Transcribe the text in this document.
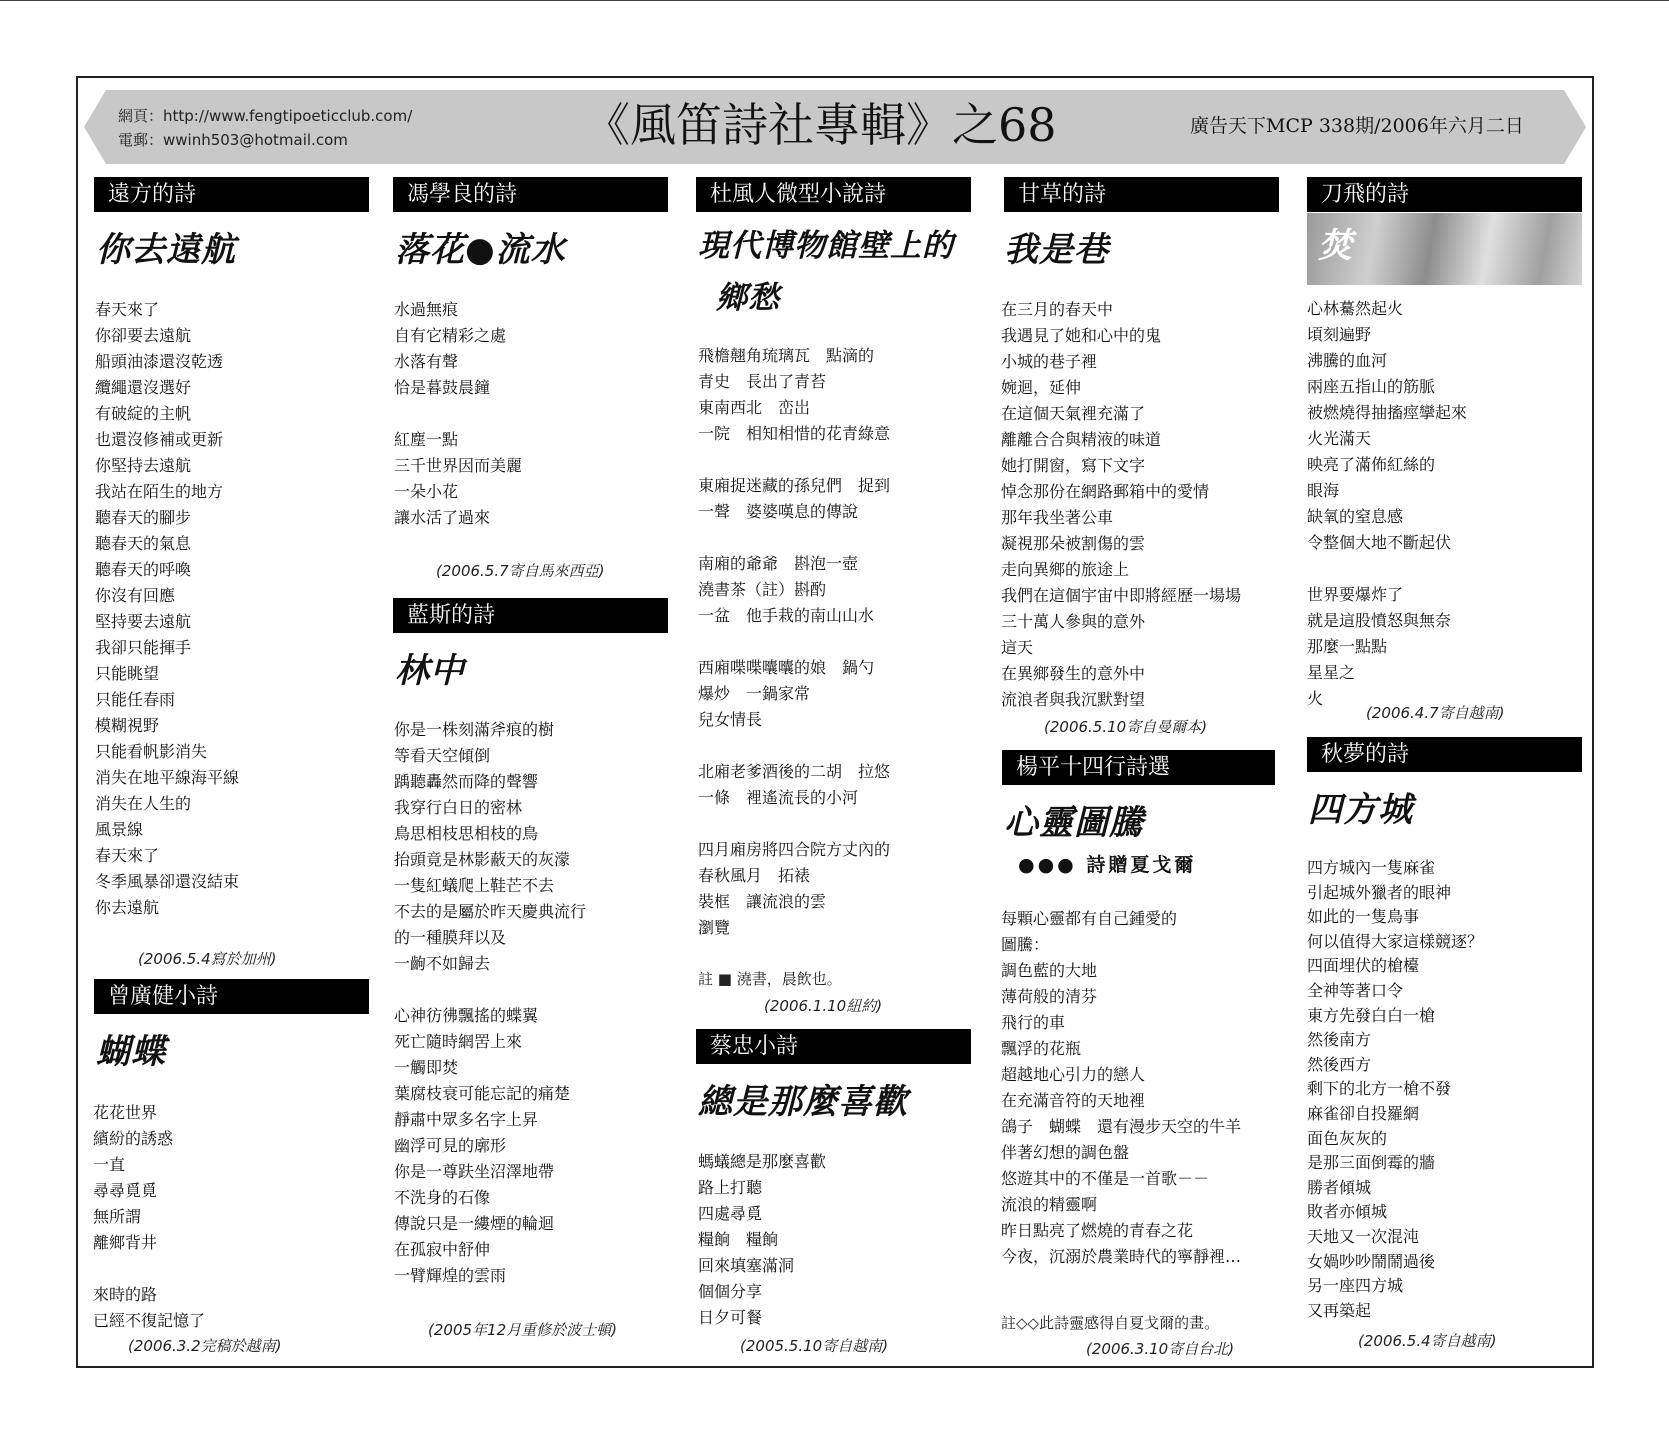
網頁：http://www.fengtipoeticclub.com/
電郵：wwinh503@hotmail.com	《風笛詩社專輯》之68	廣告天下MCP 338期/2006年六月二日
遠方的詩
你去遠航
春天來了
你卻要去遠航
船頭油漆還沒乾透
纜繩還沒選好
有破綻的主帆
也還沒修補或更新
你堅持去遠航
我站在陌生的地方
聽春天的腳步
聽春天的氣息
聽春天的呼喚
你沒有回應
堅持要去遠航
我卻只能揮手
只能眺望
只能任春雨
模糊視野
只能看帆影消失
消失在地平線海平線
消失在人生的
風景線
春天來了
冬季風暴卻還沒結束
你去遠航
(2006.5.4寫於加州)
曾廣健小詩
蝴蝶
花花世界
繽紛的誘惑
一直
尋尋覓覓
無所謂
離鄉背井
來時的路
已經不復記憶了
(2006.3.2完稿於越南)
馮學良的詩
落花●流水
水過無痕
自有它精彩之處
水落有聲
恰是暮鼓晨鐘
紅塵一點
三千世界因而美麗
一朵小花
讓水活了過來
(2006.5.7寄自馬來西亞)
藍斯的詩
林中
你是一株刻滿斧痕的樹
等看天空傾倒
踽聽轟然而降的聲響
我穿行白日的密林
鳥思相枝思相枝的鳥
抬頭竟是林影蔽天的灰濛
一隻紅蟻爬上鞋芒不去
不去的是屬於昨天慶典流行
的一種膜拜以及
一齣不如歸去
心神彷彿飄搖的蝶翼
死亡隨時網罟上來
一觸即焚
葉腐枝衰可能忘記的痛楚
靜肅中眾多名字上昇
幽浮可見的廓形
你是一尊趺坐沼澤地帶
不洗身的石像
傳說只是一縷煙的輪迴
在孤寂中舒伸
一臂輝煌的雲雨
(2005年12月重修於波士頓)
杜風人微型小說詩
現代博物館壁上的
鄉愁
飛檐翹角琉璃瓦　點滴的
青史　長出了青苔
東南西北　峦岀
一院　相知相惜的花青綠意
東廂捉迷藏的孫兒們　捉到
一聲　婆婆嘆息的傳說
南廂的爺爺　斟泡一壺
澆書茶（註）斟酌
一盆　他手栽的南山山水
西廂喋喋囔囔的娘　鍋勺
爆炒　一鍋家常
兒女情長
北廂老爹酒後的二胡　拉悠
一條　裡遙流長的小河
四月廂房將四合院方丈內的
春秋風月　拓裱
裝框　讓流浪的雲
瀏覽
註 ■ 澆書，晨飲也。
(2006.1.10紐約)
蔡忠小詩
總是那麼喜歡
螞蟻總是那麼喜歡
路上打聽
四處尋覓
糧餉　糧餉
回來填塞滿洞
個個分享
日夕可餐
(2005.5.10寄自越南)
甘草的詩
我是巷
在三月的春天中
我遇見了她和心中的鬼
小城的巷子裡
婉迴，延伸
在這個天氣裡充滿了
離離合合與精液的味道
她打開窗，寫下文字
悼念那份在網路郵箱中的愛情
那年我坐著公車
凝視那朵被割傷的雲
走向異鄉的旅途上
我們在這個宇宙中即將經歷一場場
三十萬人參與的意外
這天
在異鄉發生的意外中
流浪者與我沉默對望
(2006.5.10寄自曼爾本)
楊平十四行詩選
心靈圖騰
●●● 詩贈夏戈爾
每顆心靈都有自己鍾愛的
圖騰：
調色藍的大地
薄荷般的清芬
飛行的車
飄浮的花瓶
超越地心引力的戀人
在充滿音符的天地裡
鴿子　蝴蝶　還有漫步天空的牛羊
伴著幻想的調色盤
悠遊其中的不僅是一首歌－－
流浪的精靈啊
昨日點亮了燃燒的青春之花
今夜，沉溺於農業時代的寧靜裡…
註◇◇此詩靈感得自夏戈爾的畫。
(2006.3.10寄自台北)
刀飛的詩
焚
心林驀然起火
頃刻遍野
沸騰的血河
兩座五指山的筋脈
被燃燒得抽搐痙攣起來
火光滿天
映亮了滿佈紅絲的
眼海
缺氧的窒息感
令整個大地不斷起伏
世界要爆炸了
就是這股憤怒與無奈
那麼一點點
星星之
火
(2006.4.7寄自越南)
秋夢的詩
四方城
四方城內一隻麻雀
引起城外獵者的眼神
如此的一隻鳥事
何以值得大家這樣競逐？
四面埋伏的槍檯
全神等著口令
東方先發白白一槍
然後南方
然後西方
剩下的北方一槍不發
麻雀卻自投羅網
面色灰灰的
是那三面倒霉的牆
勝者傾城
敗者亦傾城
天地又一次混沌
女媧吵吵鬧鬧過後
另一座四方城
又再築起
(2006.5.4寄自越南)
